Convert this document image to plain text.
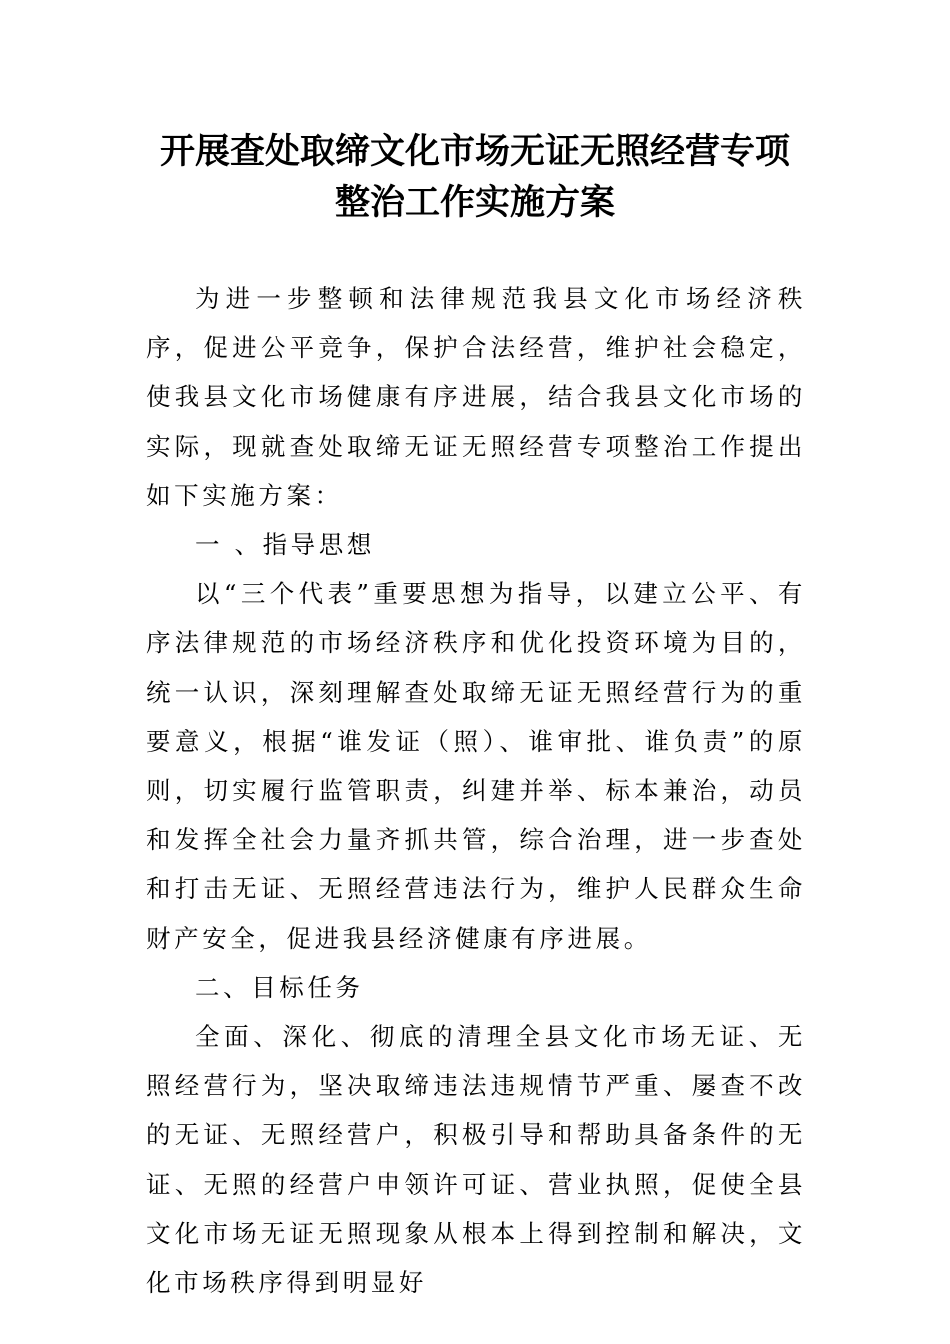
开展查处取缔文化市场无证无照经营专项
整治工作实施方案

为进一步整顿和法律规范我县文化市场经济秩序，促进公平竞争，保护合法经营，维护社会稳定，使我县文化市场健康有序进展，结合我县文化市场的实际，现就查处取缔无证无照经营专项整治工作提出如下实施方案：

一 、指导思想

以“三个代表”重要思想为指导，以建立公平、有序法律规范的市场经济秩序和优化投资环境为目的，统一认识，深刻理解查处取缔无证无照经营行为的重要意义，根据“谁发证（照）、谁审批、谁负责”的原则，切实履行监管职责，纠建并举、标本兼治，动员和发挥全社会力量齐抓共管，综合治理，进一步查处和打击无证、无照经营违法行为，维护人民群众生命财产安全，促进我县经济健康有序进展。

二、目标任务

全面、深化、彻底的清理全县文化市场无证、无照经营行为，坚决取缔违法违规情节严重、屡查不改的无证、无照经营户，积极引导和帮助具备条件的无证、无照的经营户申领许可证、营业执照，促使全县文化市场无证无照现象从根本上得到控制和解决，文化市场秩序得到明显好
